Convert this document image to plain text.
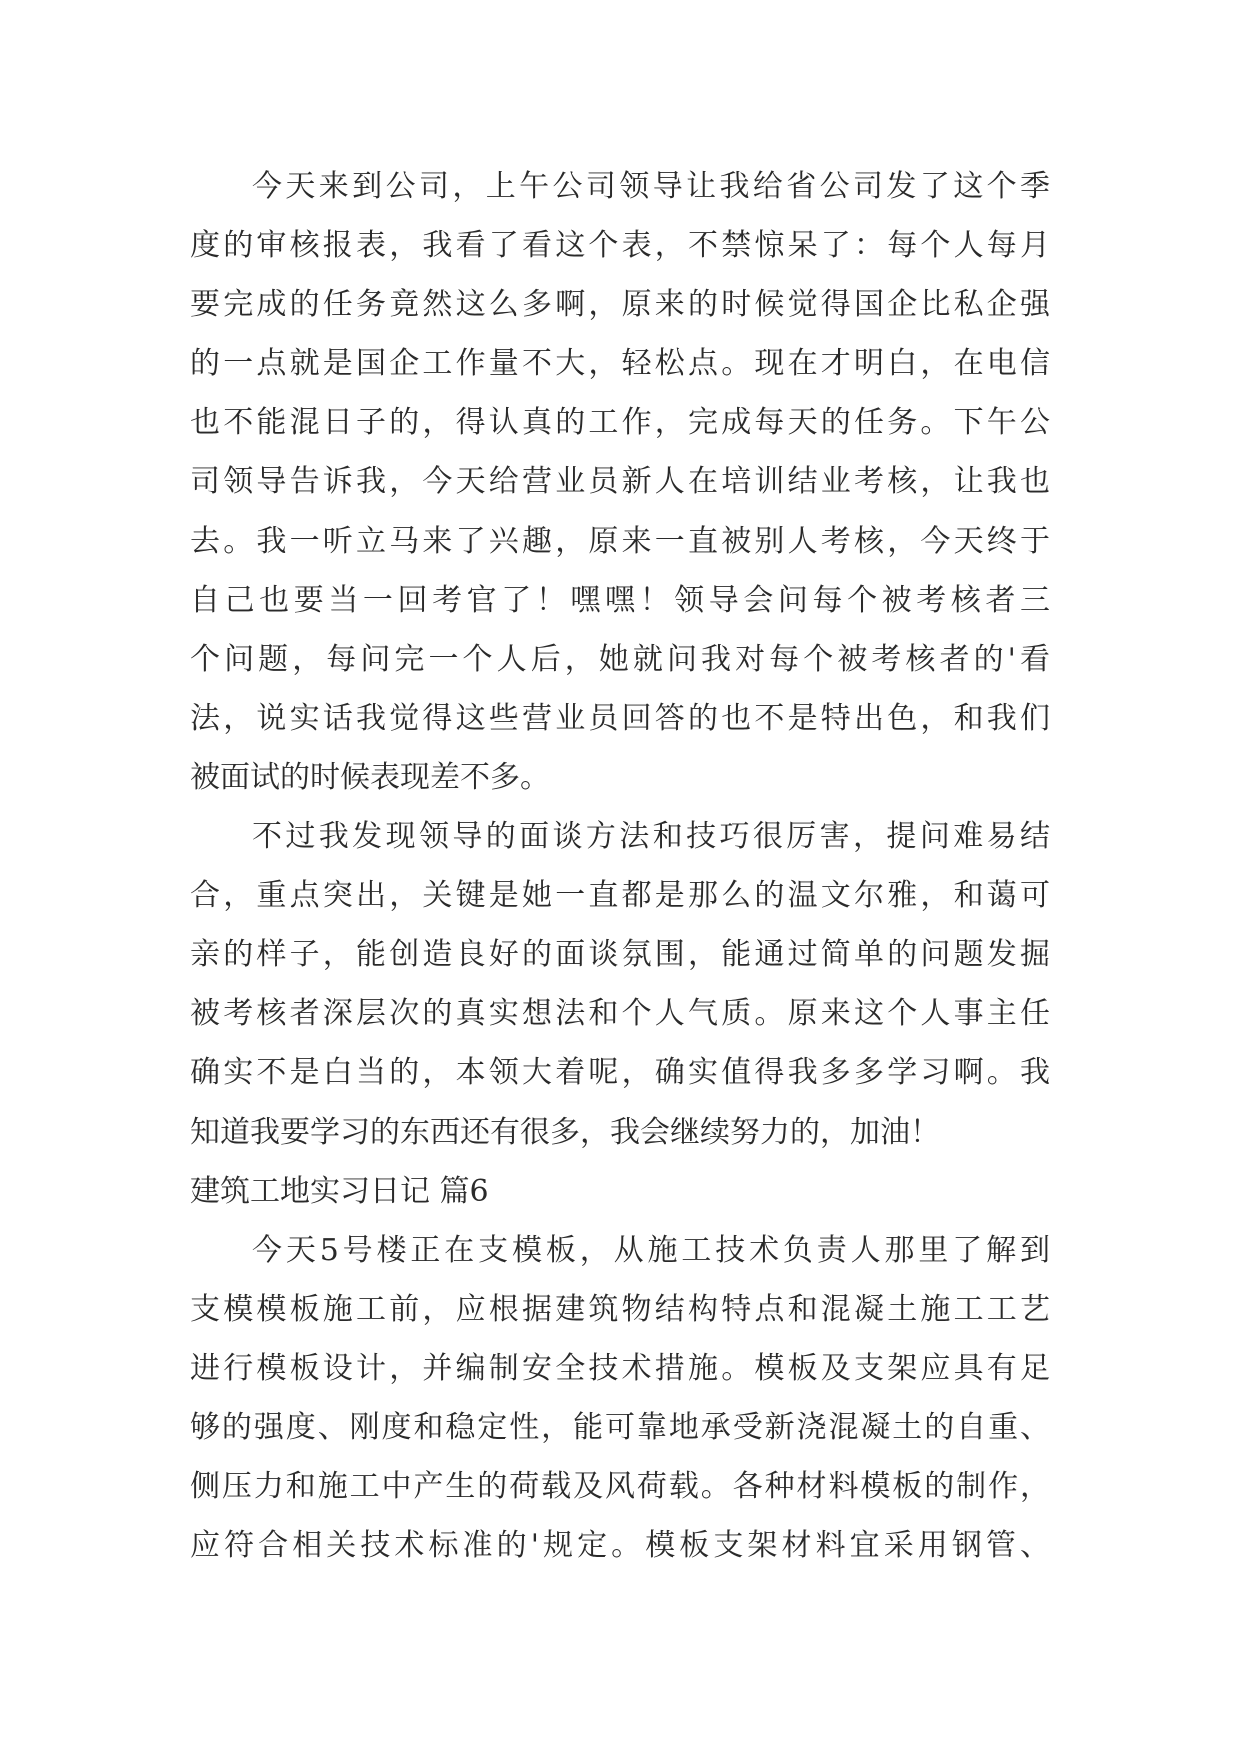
今天来到公司，上午公司领导让我给省公司发了这个季
度的审核报表，我看了看这个表，不禁惊呆了：每个人每月
要完成的任务竟然这么多啊，原来的时候觉得国企比私企强
的一点就是国企工作量不大，轻松点。现在才明白，在电信
也不能混日子的，得认真的工作，完成每天的任务。下午公
司领导告诉我，今天给营业员新人在培训结业考核，让我也
去。我一听立马来了兴趣，原来一直被别人考核，今天终于
自己也要当一回考官了！嘿嘿！领导会问每个被考核者三
个问题，每问完一个人后，她就问我对每个被考核者的'看
法，说实话我觉得这些营业员回答的也不是特出色，和我们
被面试的时候表现差不多。
不过我发现领导的面谈方法和技巧很厉害，提问难易结
合，重点突出，关键是她一直都是那么的温文尔雅，和蔼可
亲的样子，能创造良好的面谈氛围，能通过简单的问题发掘
被考核者深层次的真实想法和个人气质。原来这个人事主任
确实不是白当的，本领大着呢，确实值得我多多学习啊。我
知道我要学习的东西还有很多，我会继续努力的，加油！
建筑工地实习日记 篇6
今天5号楼正在支模板，从施工技术负责人那里了解到
支模模板施工前，应根据建筑物结构特点和混凝土施工工艺
进行模板设计，并编制安全技术措施。模板及支架应具有足
够的强度、刚度和稳定性，能可靠地承受新浇混凝土的自重、
侧压力和施工中产生的荷载及风荷载。各种材料模板的制作，
应符合相关技术标准的'规定。模板支架材料宜采用钢管、
